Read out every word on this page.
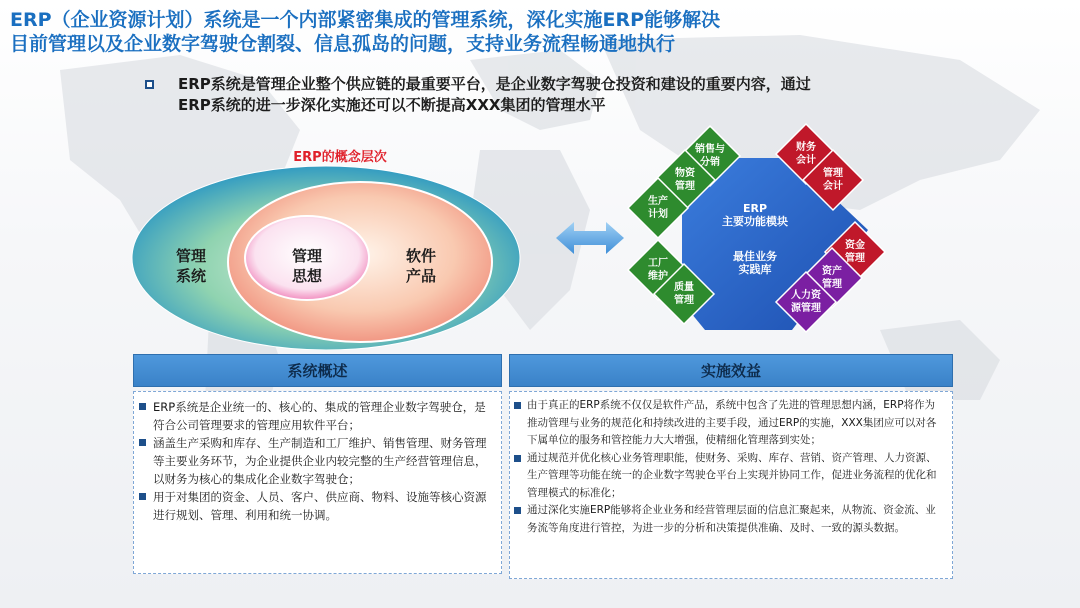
ERP（企业资源计划）系统是一个内部紧密集成的管理系统，深化实施ERP能够解决
目前管理以及企业数字驾驶仓割裂、信息孤岛的问题，支持业务流程畅通地执行
ERP系统是管理企业整个供应链的最重要平台，是企业数字驾驶仓投资和建设的重要内容，通过
ERP系统的进一步深化实施还可以不断提高XXX集团的管理水平
ERP的概念层次
管理
系统
管理
思想
软件
产品
ERP
主要功能模块
最佳业务
实践库
销售与
分销
物资
管理
生产
计划
工厂
维护
质量
管理
财务
会计
管理
会计
资金
管理
资产
管理
人力资
源管理
系统概述	实施效益
ERP系统是企业统一的、核心的、集成的管理企业数字驾驶仓，是符合公司管理要求的管理应用软件平台；
涵盖生产采购和库存、生产制造和工厂维护、销售管理、财务管理等主要业务环节，为企业提供企业内较完整的生产经营管理信息，以财务为核心的集成化企业数字驾驶仓；
用于对集团的资金、人员、客户、供应商、物料、设施等核心资源进行规划、管理、利用和统一协调。
由于真正的ERP系统不仅仅是软件产品，系统中包含了先进的管理思想内涵，ERP将作为推动管理与业务的规范化和持续改进的主要手段，通过ERP的实施，XXX集团应可以对各下属单位的服务和管控能力大大增强，使精细化管理落到实处；
通过规范并优化核心业务管理职能，使财务、采购、库存、营销、资产管理、人力资源、生产管理等功能在统一的企业数字驾驶仓平台上实现并协同工作，促进业务流程的优化和管理模式的标准化；
通过深化实施ERP能够将企业业务和经营管理层面的信息汇聚起来，从物流、资金流、业务流等角度进行管控，为进一步的分析和决策提供准确、及时、一致的源头数据。
